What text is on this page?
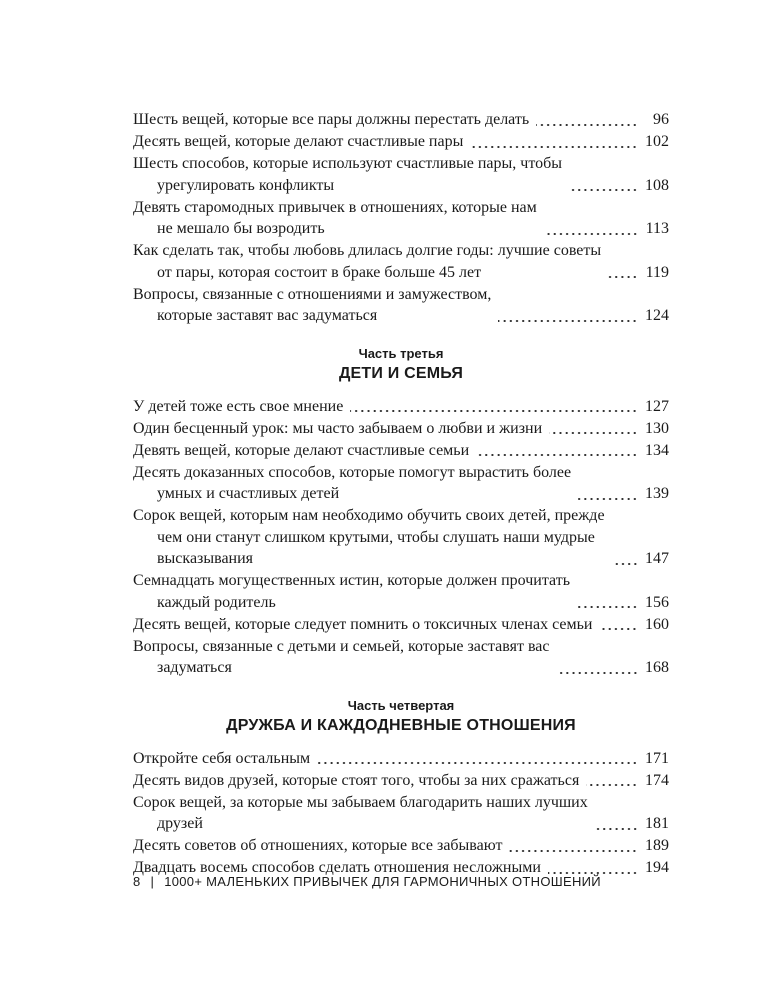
Шесть вещей, которые все пары должны перестать делать	96
Десять вещей, которые делают счастливые пары	102
Шесть способов, которые используют счастливые пары, чтобы
урегулировать конфликты	108
Девять старомодных привычек в отношениях, которые нам
не мешало бы возродить	113
Как сделать так, чтобы любовь длилась долгие годы: лучшие советы
от пары, которая состоит в браке больше 45 лет	119
Вопросы, связанные с отношениями и замужеством,
которые заставят вас задуматься	124
Часть третья
ДЕТИ И СЕМЬЯ
У детей тоже есть свое мнение	127
Один бесценный урок: мы часто забываем о любви и жизни	130
Девять вещей, которые делают счастливые семьи	134
Десять доказанных способов, которые помогут вырастить более
умных и счастливых детей	139
Сорок вещей, которым нам необходимо обучить своих детей, прежде
чем они станут слишком крутыми, чтобы слушать наши мудрые
высказывания	147
Семнадцать могущественных истин, которые должен прочитать
каждый родитель	156
Десять вещей, которые следует помнить о токсичных членах семьи	160
Вопросы, связанные с детьми и семьей, которые заставят вас
задуматься	168
Часть четвертая
ДРУЖБА И КАЖДОДНЕВНЫЕ ОТНОШЕНИЯ
Откройте себя остальным	171
Десять видов друзей, которые стоят того, чтобы за них сражаться	174
Сорок вещей, за которые мы забываем благодарить наших лучших
друзей	181
Десять советов об отношениях, которые все забывают	189
Двадцать восемь способов сделать отношения несложными	194
8 | 1000+ МАЛЕНЬКИХ ПРИВЫЧЕК ДЛЯ ГАРМОНИЧНЫХ ОТНОШЕНИЙ
